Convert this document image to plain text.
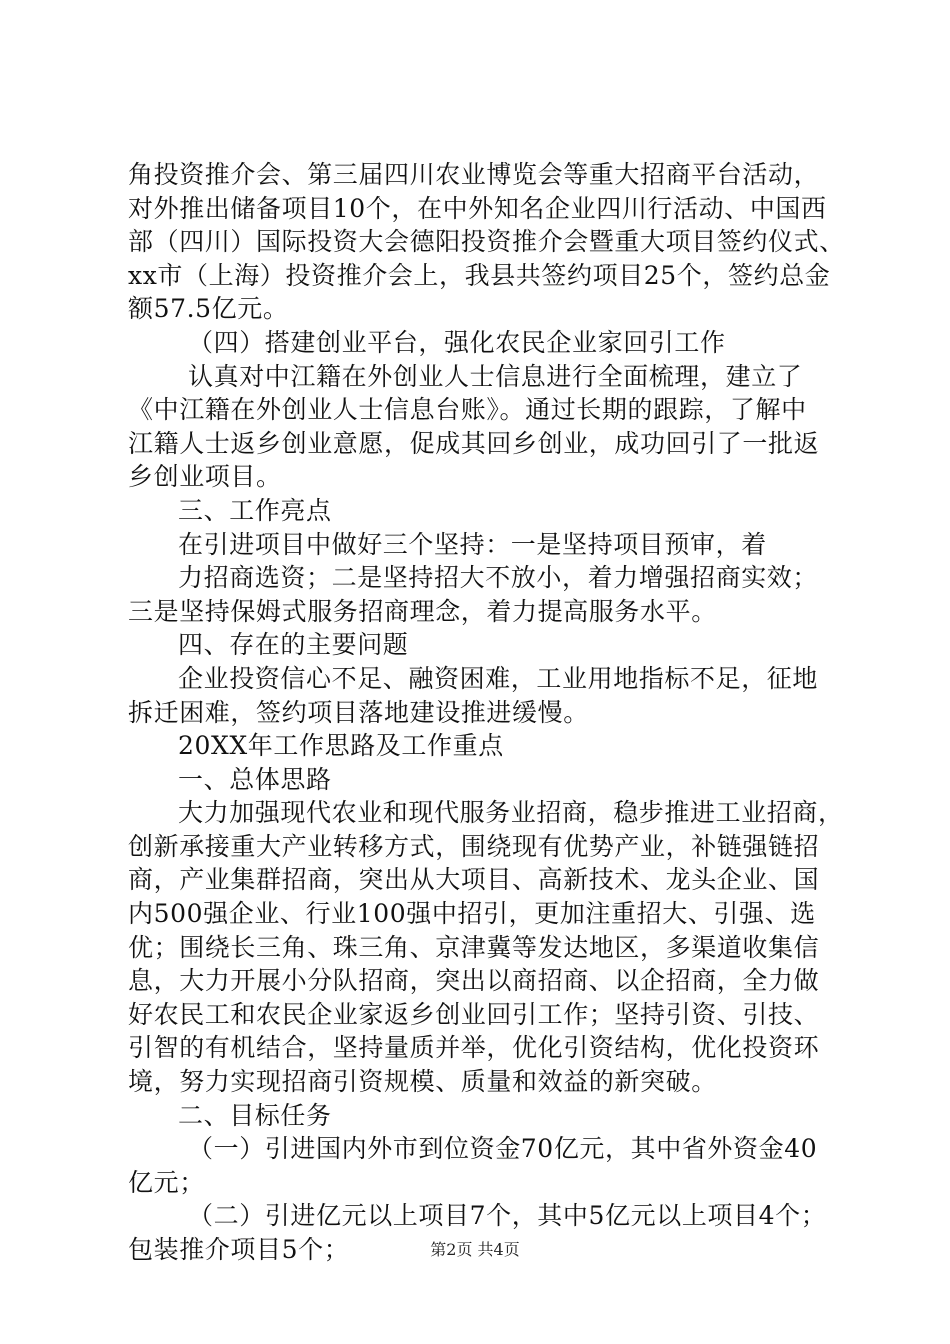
角投资推介会、第三届四川农业博览会等重大招商平台活动，
对外推出储备项目10个，在中外知名企业四川行活动、中国西
部（四川）国际投资大会德阳投资推介会暨重大项目签约仪式、
xx市（上海）投资推介会上，我县共签约项目25个，签约总金
额57.5亿元。
（四）搭建创业平台，强化农民企业家回引工作
认真对中江籍在外创业人士信息进行全面梳理，建立了
《中江籍在外创业人士信息台账》。通过长期的跟踪，了解中
江籍人士返乡创业意愿，促成其回乡创业，成功回引了一批返
乡创业项目。
三、工作亮点
在引进项目中做好三个坚持：一是坚持项目预审，着
力招商选资；二是坚持招大不放小，着力增强招商实效；
三是坚持保姆式服务招商理念，着力提高服务水平。
四、存在的主要问题
企业投资信心不足、融资困难，工业用地指标不足，征地
拆迁困难，签约项目落地建设推进缓慢。
20XX年工作思路及工作重点
一、总体思路
大力加强现代农业和现代服务业招商，稳步推进工业招商，
创新承接重大产业转移方式，围绕现有优势产业，补链强链招
商，产业集群招商，突出从大项目、高新技术、龙头企业、国
内500强企业、行业100强中招引，更加注重招大、引强、选
优；围绕长三角、珠三角、京津冀等发达地区，多渠道收集信
息，大力开展小分队招商，突出以商招商、以企招商，全力做
好农民工和农民企业家返乡创业回引工作；坚持引资、引技、
引智的有机结合，坚持量质并举，优化引资结构，优化投资环
境，努力实现招商引资规模、质量和效益的新突破。
二、目标任务
（一）引进国内外市到位资金70亿元，其中省外资金40
亿元；
（二）引进亿元以上项目7个，其中5亿元以上项目4个；
包装推介项目5个；	第2页 共4页
